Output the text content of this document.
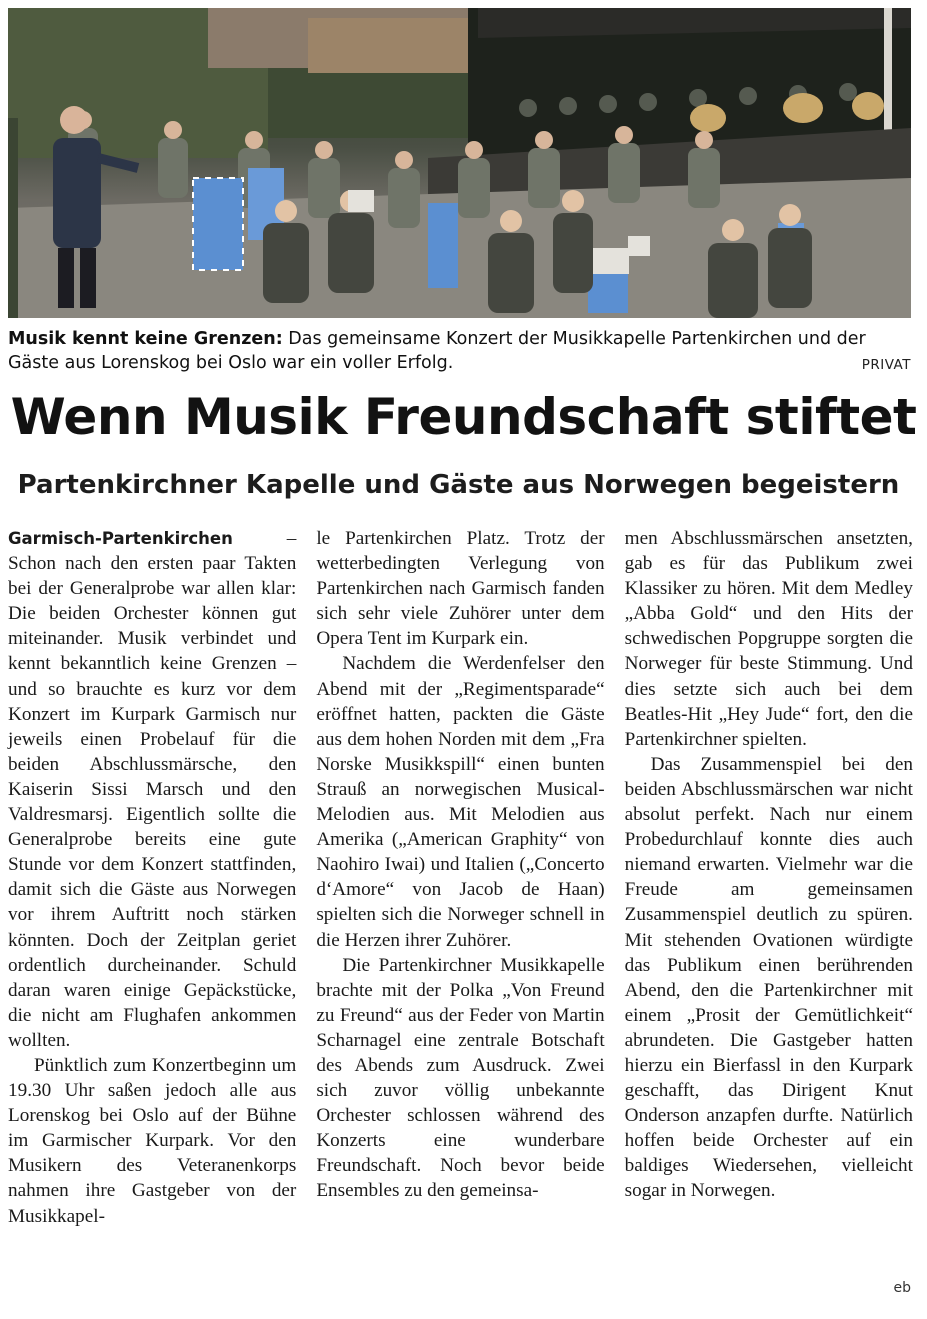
Musik kennt keine Grenzen: Das gemeinsame Konzert der Musikkapelle Partenkirchen und der Gäste aus Lorenskog bei Oslo war ein voller Erfolg.	PRIVAT
Wenn Musik Freundschaft stiftet
Partenkirchner Kapelle und Gäste aus Norwegen begeistern

Garmisch-Partenkirchen – Schon nach den ersten paar Takten bei der Generalprobe war allen klar: Die beiden Orchester können gut miteinander. Musik verbindet und kennt bekanntlich keine Grenzen – und so brauchte es kurz vor dem Konzert im Kurpark Garmisch nur jeweils einen Probelauf für die beiden Abschlussmärsche, den Kaiserin Sissi Marsch und den Valdresmarsj. Eigentlich sollte die Generalprobe bereits eine gute Stunde vor dem Konzert stattfinden, damit sich die Gäste aus Norwegen vor ihrem Auftritt noch stärken könnten. Doch der Zeitplan geriet ordentlich durcheinander. Schuld daran waren einige Gepäckstücke, die nicht am Flughafen ankommen wollten.

Pünktlich zum Konzertbeginn um 19.30 Uhr saßen jedoch alle aus Lorenskog bei Oslo auf der Bühne im Garmischer Kurpark. Vor den Musikern des Veteranenkorps nahmen ihre Gastgeber von der Musikkapel-

le Partenkirchen Platz. Trotz der wetterbedingten Verlegung von Partenkirchen nach Garmisch fanden sich sehr viele Zuhörer unter dem Opera Tent im Kurpark ein.

Nachdem die Werdenfelser den Abend mit der „Regimentsparade“ eröffnet hatten, packten die Gäste aus dem hohen Norden mit dem „Fra Norske Musikkspill“ einen bunten Strauß an norwegischen Musical-Melodien aus. Mit Melodien aus Amerika („American Graphity“ von Naohiro Iwai) und Italien („Concerto d‘Amore“ von Jacob de Haan) spielten sich die Norweger schnell in die Herzen ihrer Zuhörer.

Die Partenkirchner Musikkapelle brachte mit der Polka „Von Freund zu Freund“ aus der Feder von Martin Scharnagel eine zentrale Botschaft des Abends zum Ausdruck. Zwei sich zuvor völlig unbekannte Orchester schlossen während des Konzerts eine wunderbare Freundschaft. Noch bevor beide Ensembles zu den gemeinsa-

men Abschlussmärschen ansetzten, gab es für das Publikum zwei Klassiker zu hören. Mit dem Medley „Abba Gold“ und den Hits der schwedischen Popgruppe sorgten die Norweger für beste Stimmung. Und dies setzte sich auch bei dem Beatles-Hit „Hey Jude“ fort, den die Partenkirchner spielten.

Das Zusammenspiel bei den beiden Abschlussmärschen war nicht absolut perfekt. Nach nur einem Probedurchlauf konnte dies auch niemand erwarten. Vielmehr war die Freude am gemeinsamen Zusammenspiel deutlich zu spüren. Mit stehenden Ovationen würdigte das Publikum einen berührenden Abend, den die Partenkirchner mit einem „Prosit der Gemütlichkeit“ abrundeten. Die Gastgeber hatten hierzu ein Bierfassl in den Kurpark geschafft, das Dirigent Knut Onderson anzapfen durfte. Natürlich hoffen beide Orchester auf ein baldiges Wiedersehen, vielleicht sogar in Norwegen.

eb
